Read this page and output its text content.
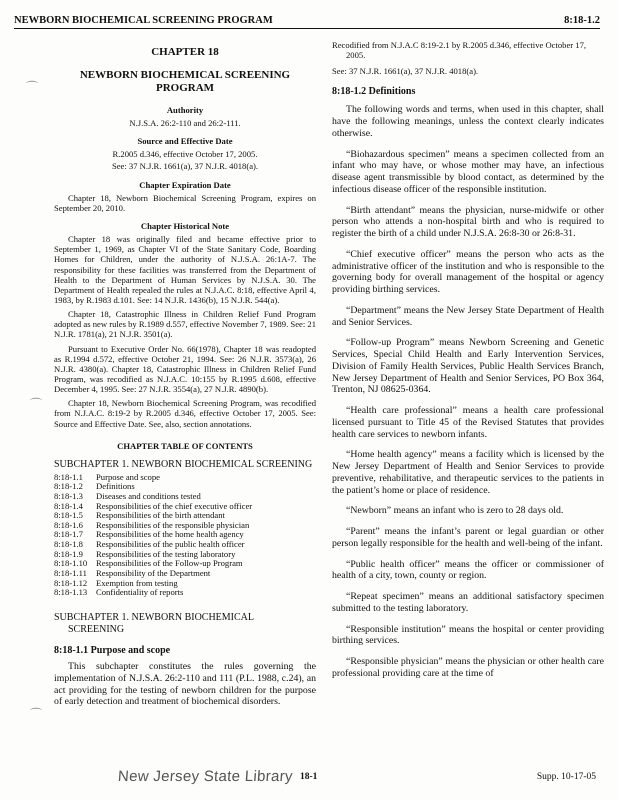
NEWBORN BIOCHEMICAL SCREENING PROGRAM	8:18-1.2
⌒
⌒
⌒
CHAPTER 18
NEWBORN BIOCHEMICAL SCREENING PROGRAM
Authority
N.J.S.A. 26:2-110 and 26:2-111.
Source and Effective Date
R.2005 d.346, effective October 17, 2005.
See: 37 N.J.R. 1661(a), 37 N.J.R. 4018(a).
Chapter Expiration Date

Chapter 18, Newborn Biochemical Screening Program, expires on September 20, 2010.

Chapter Historical Note

Chapter 18 was originally filed and became effective prior to September 1, 1969, as Chapter VI of the State Sanitary Code, Boarding Homes for Children, under the authority of N.J.S.A. 26:1A-7. The responsibility for these facilities was transferred from the Department of Health to the Department of Human Services by N.J.S.A. 30. The Department of Health repealed the rules at N.J.A.C. 8:18, effective April 4, 1983, by R.1983 d.101. See: 14 N.J.R. 1436(b), 15 N.J.R. 544(a).

Chapter 18, Catastrophic Illness in Children Relief Fund Program adopted as new rules by R.1989 d.557, effective November 7, 1989. See: 21 N.J.R. 1781(a), 21 N.J.R. 3501(a).

Pursuant to Executive Order No. 66(1978), Chapter 18 was readopted as R.1994 d.572, effective October 21, 1994. See: 26 N.J.R. 3573(a), 26 N.J.R. 4380(a). Chapter 18, Catastrophic Illness in Children Relief Fund Program, was recodified as N.J.A.C. 10:155 by R.1995 d.608, effective December 4, 1995. See: 27 N.J.R. 3554(a), 27 N.J.R. 4890(b).

Chapter 18, Newborn Biochemical Screening Program, was recodified from N.J.A.C. 8:19-2 by R.2005 d.346, effective October 17, 2005. See: Source and Effective Date. See, also, section annotations.

CHAPTER TABLE OF CONTENTS
SUBCHAPTER 1. NEWBORN BIOCHEMICAL SCREENING
8:18-1.1	Purpose and scope
8:18-1.2	Definitions
8:18-1.3	Diseases and conditions tested
8:18-1.4	Responsibilities of the chief executive officer
8:18-1.5	Responsibilities of the birth attendant
8:18-1.6	Responsibilities of the responsible physician
8:18-1.7	Responsibilities of the home health agency
8:18-1.8	Responsibilities of the public health officer
8:18-1.9	Responsibilities of the testing laboratory
8:18-1.10	Responsibilities of the Follow-up Program
8:18-1.11	Responsibility of the Department
8:18-1.12	Exemption from testing
8:18-1.13	Confidentiality of reports
SUBCHAPTER 1. NEWBORN BIOCHEMICAL
SCREENING
8:18-1.1 Purpose and scope

This subchapter constitutes the rules governing the implementation of N.J.S.A. 26:2-110 and 111 (P.L. 1988, c.24), an act providing for the testing of newborn children for the purpose of early detection and treatment of biochemical disorders.

Recodified from N.J.A.C 8:19-2.1 by R.2005 d.346, effective October 17, 2005.

See: 37 N.J.R. 1661(a), 37 N.J.R. 4018(a).

8:18-1.2 Definitions

The following words and terms, when used in this chapter, shall have the following meanings, unless the context clearly indicates otherwise.

“Biohazardous specimen” means a specimen collected from an infant who may have, or whose mother may have, an infectious disease agent transmissible by blood contact, as determined by the infectious disease officer of the responsible institution.

“Birth attendant” means the physician, nurse-midwife or other person who attends a non-hospital birth and who is required to register the birth of a child under N.J.S.A. 26:8-30 or 26:8-31.

“Chief executive officer” means the person who acts as the administrative officer of the institution and who is responsible to the governing body for overall management of the hospital or agency providing birthing services.

“Department” means the New Jersey State Department of Health and Senior Services.

“Follow-up Program” means Newborn Screening and Genetic Services, Special Child Health and Early Intervention Services, Division of Family Health Services, Public Health Services Branch, New Jersey Department of Health and Senior Services, PO Box 364, Trenton, NJ 08625-0364.

“Health care professional” means a health care professional licensed pursuant to Title 45 of the Revised Statutes that provides health care services to newborn infants.

“Home health agency” means a facility which is licensed by the New Jersey Department of Health and Senior Services to provide preventive, rehabilitative, and therapeutic services to the patients in the patient’s home or place of residence.

“Newborn” means an infant who is zero to 28 days old.

“Parent” means the infant’s parent or legal guardian or other person legally responsible for the health and well-being of the infant.

“Public health officer” means the officer or commissioner of health of a city, town, county or region.

“Repeat specimen” means an additional satisfactory specimen submitted to the testing laboratory.

“Responsible institution” means the hospital or center providing birthing services.

“Responsible physician” means the physician or other health care professional providing care at the time of

New Jersey State Library 18-1	Supp. 10-17-05
